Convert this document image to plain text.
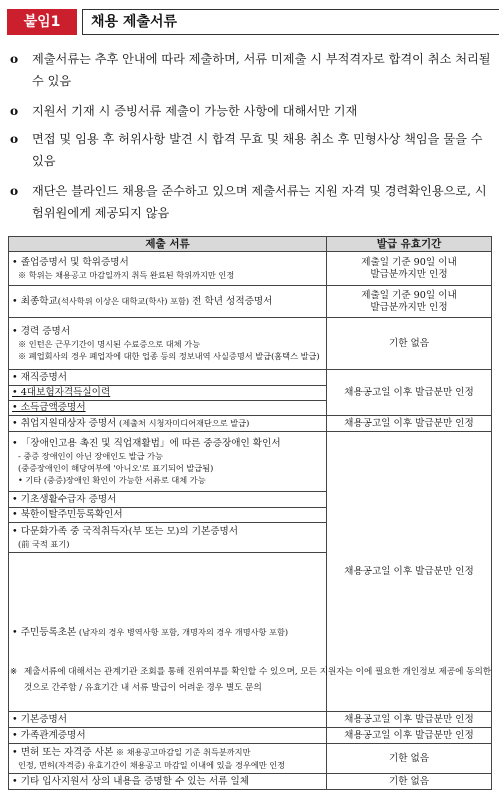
붙임1	채용 제출서류
o 제출서류는 추후 안내에 따라 제출하며, 서류 미제출 시 부적격자로 합격이 취소 처리될 수 있음
o 지원서 기재 시 증빙서류 제출이 가능한 사항에 대해서만 기재
o 면접 및 임용 후 허위사항 발견 시 합격 무효 및 채용 취소 후 민형사상 책임을 물을 수 있음
o 재단은 블라인드 채용을 준수하고 있으며 제출서류는 지원 자격 및 경력확인용으로, 시험위원에게 제공되지 않음
제출 서류	발급 유효기간	
• 졸업증명서 및 학위증명서
※ 학위는 채용공고 마감일까지 취득 완료된 학위까지만 인정	제출일 기준 90일 이내
발급분까지만 인정	
• 최종학교(석사학위 이상은 대학교(학사) 포함) 전 학년 성적증명서	제출일 기준 90일 이내
발급분까지만 인정	
• 경력 증명서
※ 인턴은 근무기간이 명시된 수료증으로 대체 가능
※ 폐업회사의 경우 폐업자에 대한 업종 등의 정보내역 사실증명서 발급(홈택스 발급)	기한 없음	
• 재직증명서	채용공고일 이후 발급분만 인정	
• 4대보험자격득실이력		
• 소득금액증명서		
• 취업지원대상자 증명서 (제출처 시청자미디어재단으로 발급)	채용공고일 이후 발급분만 인정	
• 「장애인고용 촉진 및 직업재활법」에 따른 중증장애인 확인서
- 중증 장애인이 아닌 장애인도 발급 가능
(중증장애인이 해당여부에 '아니오'로 표기되어 발급됨)
• 기타 (중증)장애인 확인이 가능한 서류로 대체 가능	채용공고일 이후 발급분만 인정	
• 기초생활수급자 증명서		
• 북한이탈주민등록확인서		
• 다문화가족 중 국적취득자(부 또는 모)의 기본증명서
(前 국적 표기)		

• 주민등록초본 (남자의 경우 병역사항 포함, 개명자의 경우 개명사항 포함)	
• 기본증명서	채용공고일 이후 발급분만 인정	
• 가족관계증명서	채용공고일 이후 발급분만 인정	
• 면허 또는 자격증 사본 ※ 채용공고마감일 기준 취득분까지만
인정, 면허(자격증) 유효기간이 채용공고 마감일 이내에 있을 경우에만 인정	기한 없음	
• 기타 입사지원서 상의 내용을 증명할 수 있는 서류 일체	기한 없음	
※ 제출서류에 대해서는 관계기관 조회를 통해 진위여부를 확인할 수 있으며, 모든 지원자는 이에 필요한 개인정보 제공에 동의한 것으로 간주함 / 유효기간 내 서류 발급이 어려운 경우 별도 문의
